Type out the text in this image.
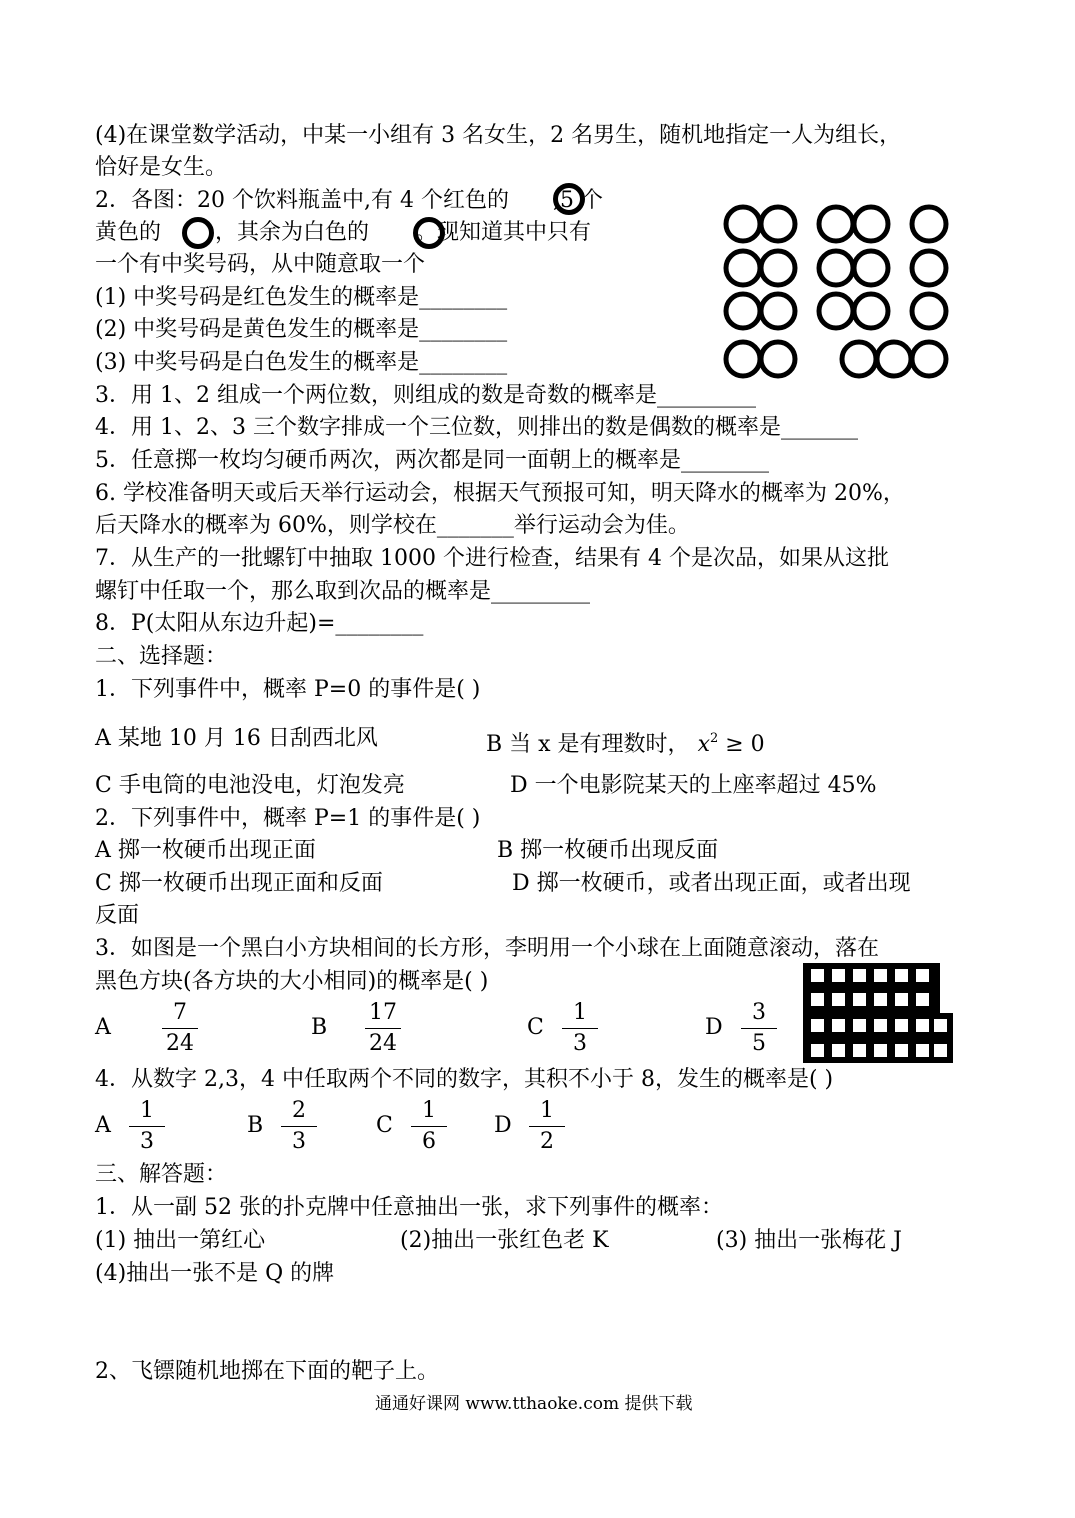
(4)在课堂数学活动，中某一小组有 3 名女生，2 名男生，随机地指定一人为组长，
恰好是女生。
2．各图：20 个饮料瓶盖中,有 4 个红色的 ,5 个
黄色的 ，其余为白色的 。现知道其中只有
一个有中奖号码，从中随意取一个
(1) 中奖号码是红色发生的概率是________
(2) 中奖号码是黄色发生的概率是________
(3) 中奖号码是白色发生的概率是________
3．用 1、2 组成一个两位数，则组成的数是奇数的概率是_________
4．用 1、2、3 三个数字排成一个三位数，则排出的数是偶数的概率是_______
5．任意掷一枚均匀硬币两次，两次都是同一面朝上的概率是________
6. 学校准备明天或后天举行运动会，根据天气预报可知，明天降水的概率为 20%，
后天降水的概率为 60%，则学校在_______举行运动会为佳。
7．从生产的一批螺钉中抽取 1000 个进行检查，结果有 4 个是次品，如果从这批
螺钉中任取一个，那么取到次品的概率是_________
8．P(太阳从东边升起)=________
二、选择题：
1．下列事件中，概率 P=0 的事件是( )
A 某地 10 月 16 日刮西北风	B 当 x 是有理数时， $x^2 \ge 0$
C 手电筒的电池没电，灯泡发亮	D 一个电影院某天的上座率超过 45%
2．下列事件中，概率 P=1 的事件是( )
A 掷一枚硬币出现正面	B 掷一枚硬币出现反面
C 掷一枚硬币出现正面和反面	D 掷一枚硬币，或者出现正面，或者出现
反面
3．如图是一个黑白小方块相间的长方形，李明用一个小球在上面随意滚动，落在
黑色方块(各方块的大小相同)的概率是( )
A $\frac{7}{24}$	B $\frac{17}{24}$	C $\frac{1}{3}$	D $\frac{3}{5}$
4．从数字 2,3，4 中任取两个不同的数字，其积不小于 8，发生的概率是( )
A $\frac{1}{3}$	B $\frac{2}{3}$	C $\frac{1}{6}$ D $\frac{1}{2}$
三、解答题：
1．从一副 52 张的扑克牌中任意抽出一张，求下列事件的概率：
(1) 抽出一第红心	(2)抽出一张红色老 K	(3) 抽出一张梅花 J
(4)抽出一张不是 Q 的牌
2、飞镖随机地掷在下面的靶子上。
通通好课网 www.tthaoke.com 提供下载
